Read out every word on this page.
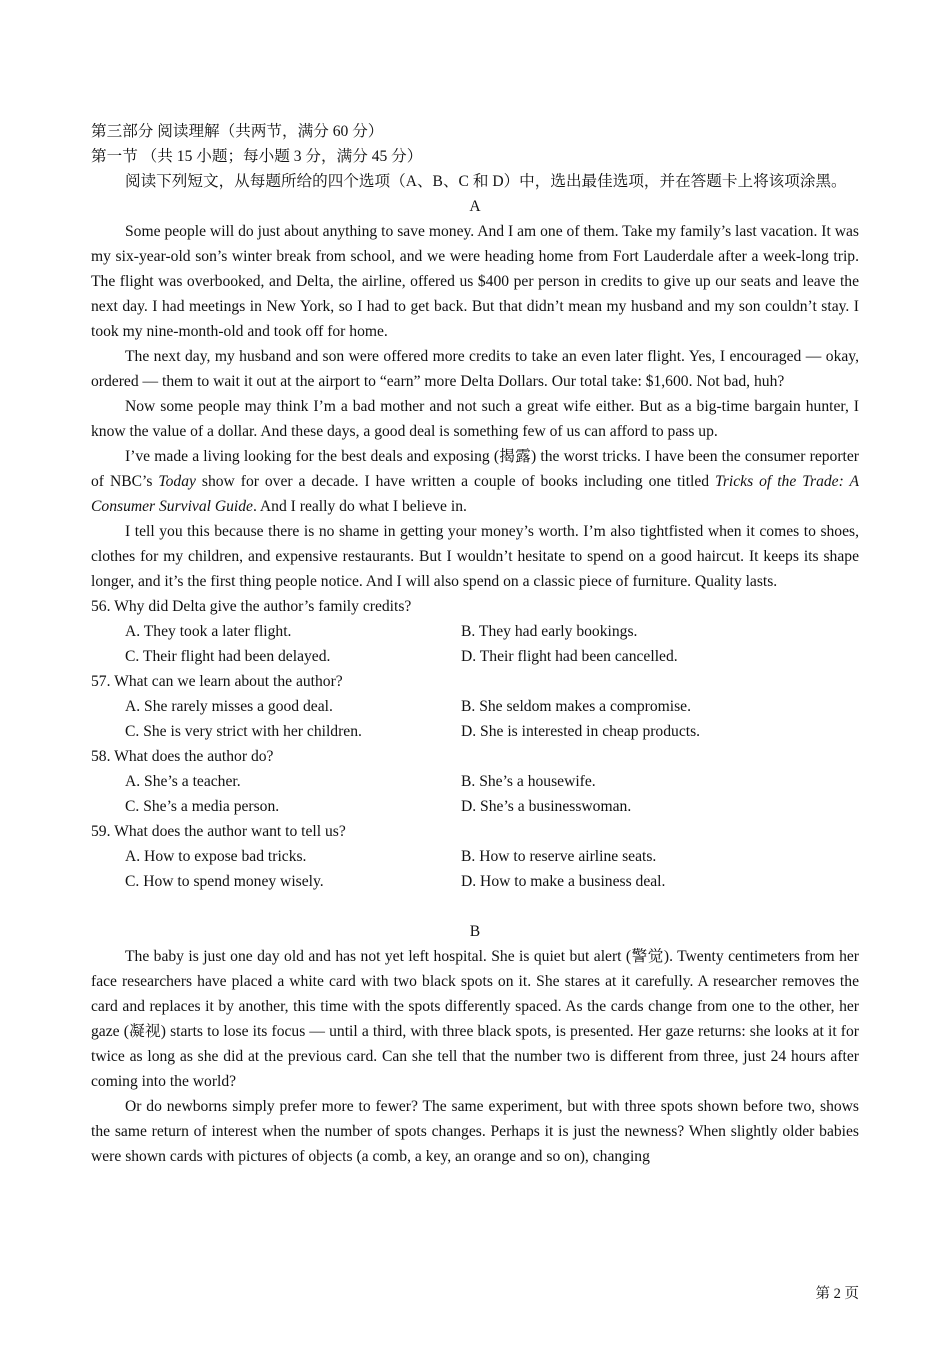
第三部分 阅读理解（共两节，满分 60 分）
第一节 （共 15 小题；每小题 3 分，满分 45 分）
阅读下列短文，从每题所给的四个选项（A、B、C 和 D）中，选出最佳选项，并在答题卡上将该项涂黑。
A

Some people will do just about anything to save money. And I am one of them. Take my family’s last vacation. It was my six-year-old son’s winter break from school, and we were heading home from Fort Lauderdale after a week-long trip. The flight was overbooked, and Delta, the airline, offered us $400 per person in credits to give up our seats and leave the next day. I had meetings in New York, so I had to get back. But that didn’t mean my husband and my son couldn’t stay. I took my nine-month-old and took off for home.

The next day, my husband and son were offered more credits to take an even later flight. Yes, I encouraged — okay, ordered — them to wait it out at the airport to “earn” more Delta Dollars. Our total take: $1,600. Not bad, huh?

Now some people may think I’m a bad mother and not such a great wife either. But as a big-time bargain hunter, I know the value of a dollar. And these days, a good deal is something few of us can afford to pass up.

I’ve made a living looking for the best deals and exposing (揭露) the worst tricks. I have been the consumer reporter of NBC’s Today show for over a decade. I have written a couple of books including one titled Tricks of the Trade: A Consumer Survival Guide. And I really do what I believe in.

I tell you this because there is no shame in getting your money’s worth. I’m also tightfisted when it comes to shoes, clothes for my children, and expensive restaurants. But I wouldn’t hesitate to spend on a good haircut. It keeps its shape longer, and it’s the first thing people notice. And I will also spend on a classic piece of furniture. Quality lasts.

56. Why did Delta give the author’s family credits?
A. They took a later flight.	B. They had early bookings.
C. Their flight had been delayed.	D. Their flight had been cancelled.
57. What can we learn about the author?
A. She rarely misses a good deal.	B. She seldom makes a compromise.
C. She is very strict with her children.	D. She is interested in cheap products.
58. What does the author do?
A. She’s a teacher.	B. She’s a housewife.
C. She’s a media person.	D. She’s a businesswoman.
59. What does the author want to tell us?
A. How to expose bad tricks.	B. How to reserve airline seats.
C. How to spend money wisely.	D. How to make a business deal.
B

The baby is just one day old and has not yet left hospital. She is quiet but alert (警觉). Twenty centimeters from her face researchers have placed a white card with two black spots on it. She stares at it carefully. A researcher removes the card and replaces it by another, this time with the spots differently spaced. As the cards change from one to the other, her gaze (凝视) starts to lose its focus — until a third, with three black spots, is presented. Her gaze returns: she looks at it for twice as long as she did at the previous card. Can she tell that the number two is different from three, just 24 hours after coming into the world?

Or do newborns simply prefer more to fewer? The same experiment, but with three spots shown before two, shows the same return of interest when the number of spots changes. Perhaps it is just the newness? When slightly older babies were shown cards with pictures of objects (a comb, a key, an orange and so on), changing

第 2 页
